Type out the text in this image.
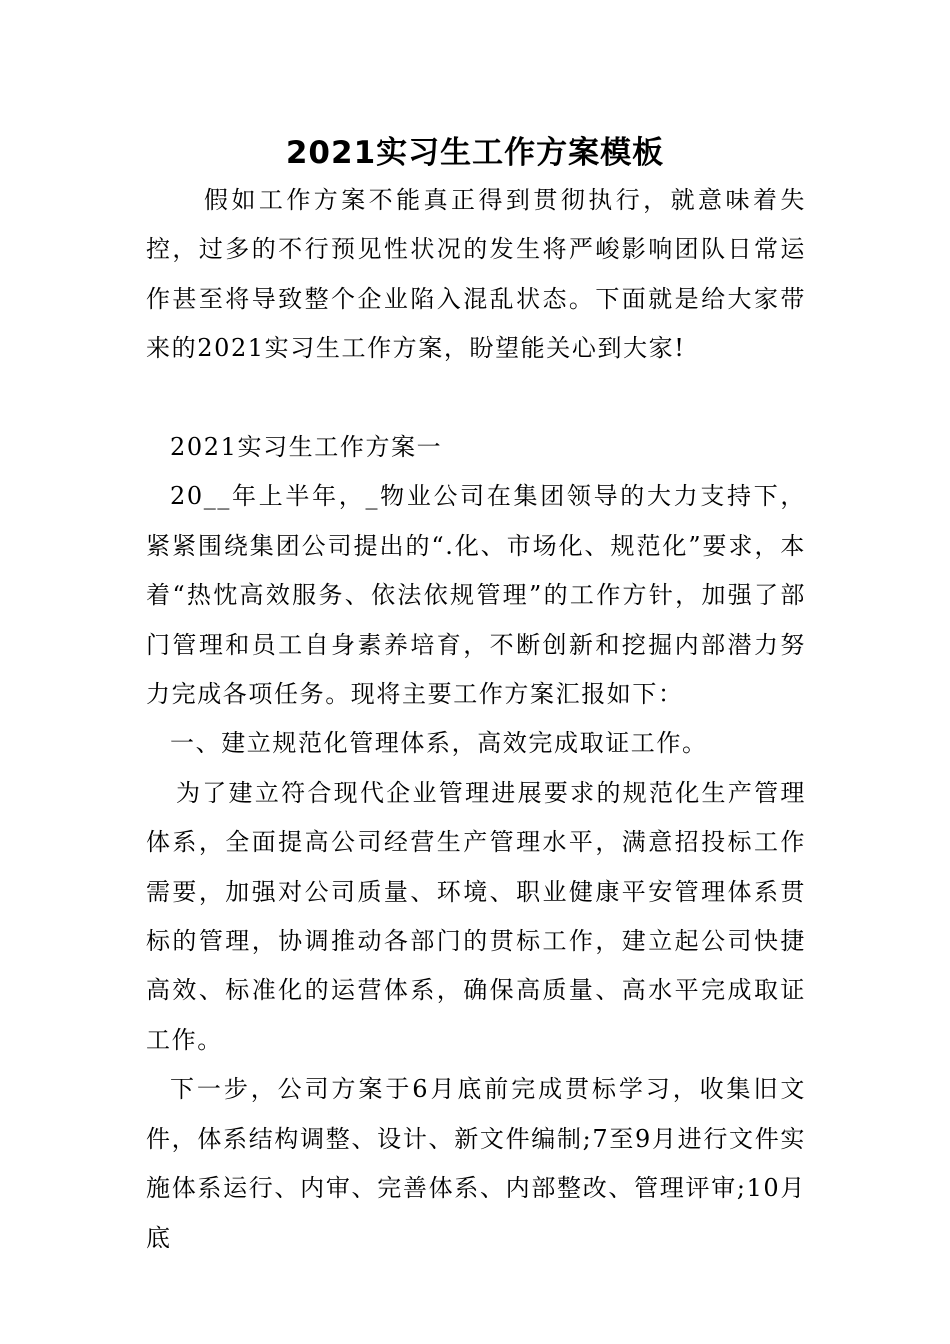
2021实习生工作方案模板

假如工作方案不能真正得到贯彻执行，就意味着失控，过多的不行预见性状况的发生将严峻影响团队日常运作甚至将导致整个企业陷入混乱状态。下面就是给大家带来的2021实习生工作方案，盼望能关心到大家!

2021实习生工作方案一

20__年上半年，_物业公司在集团领导的大力支持下，紧紧围绕集团公司提出的“.化、市场化、规范化”要求，本着“热忱高效服务、依法依规管理”的工作方针，加强了部门管理和员工自身素养培育，不断创新和挖掘内部潜力努力完成各项任务。现将主要工作方案汇报如下：

一、建立规范化管理体系，高效完成取证工作。

为了建立符合现代企业管理进展要求的规范化生产管理体系，全面提高公司经营生产管理水平，满意招投标工作需要，加强对公司质量、环境、职业健康平安管理体系贯标的管理，协调推动各部门的贯标工作，建立起公司快捷高效、标准化的运营体系，确保高质量、高水平完成取证工作。

下一步，公司方案于6月底前完成贯标学习，收集旧文件，体系结构调整、设计、新文件编制;7至9月进行文件实施体系运行、内审、完善体系、内部整改、管理评审;10月底
